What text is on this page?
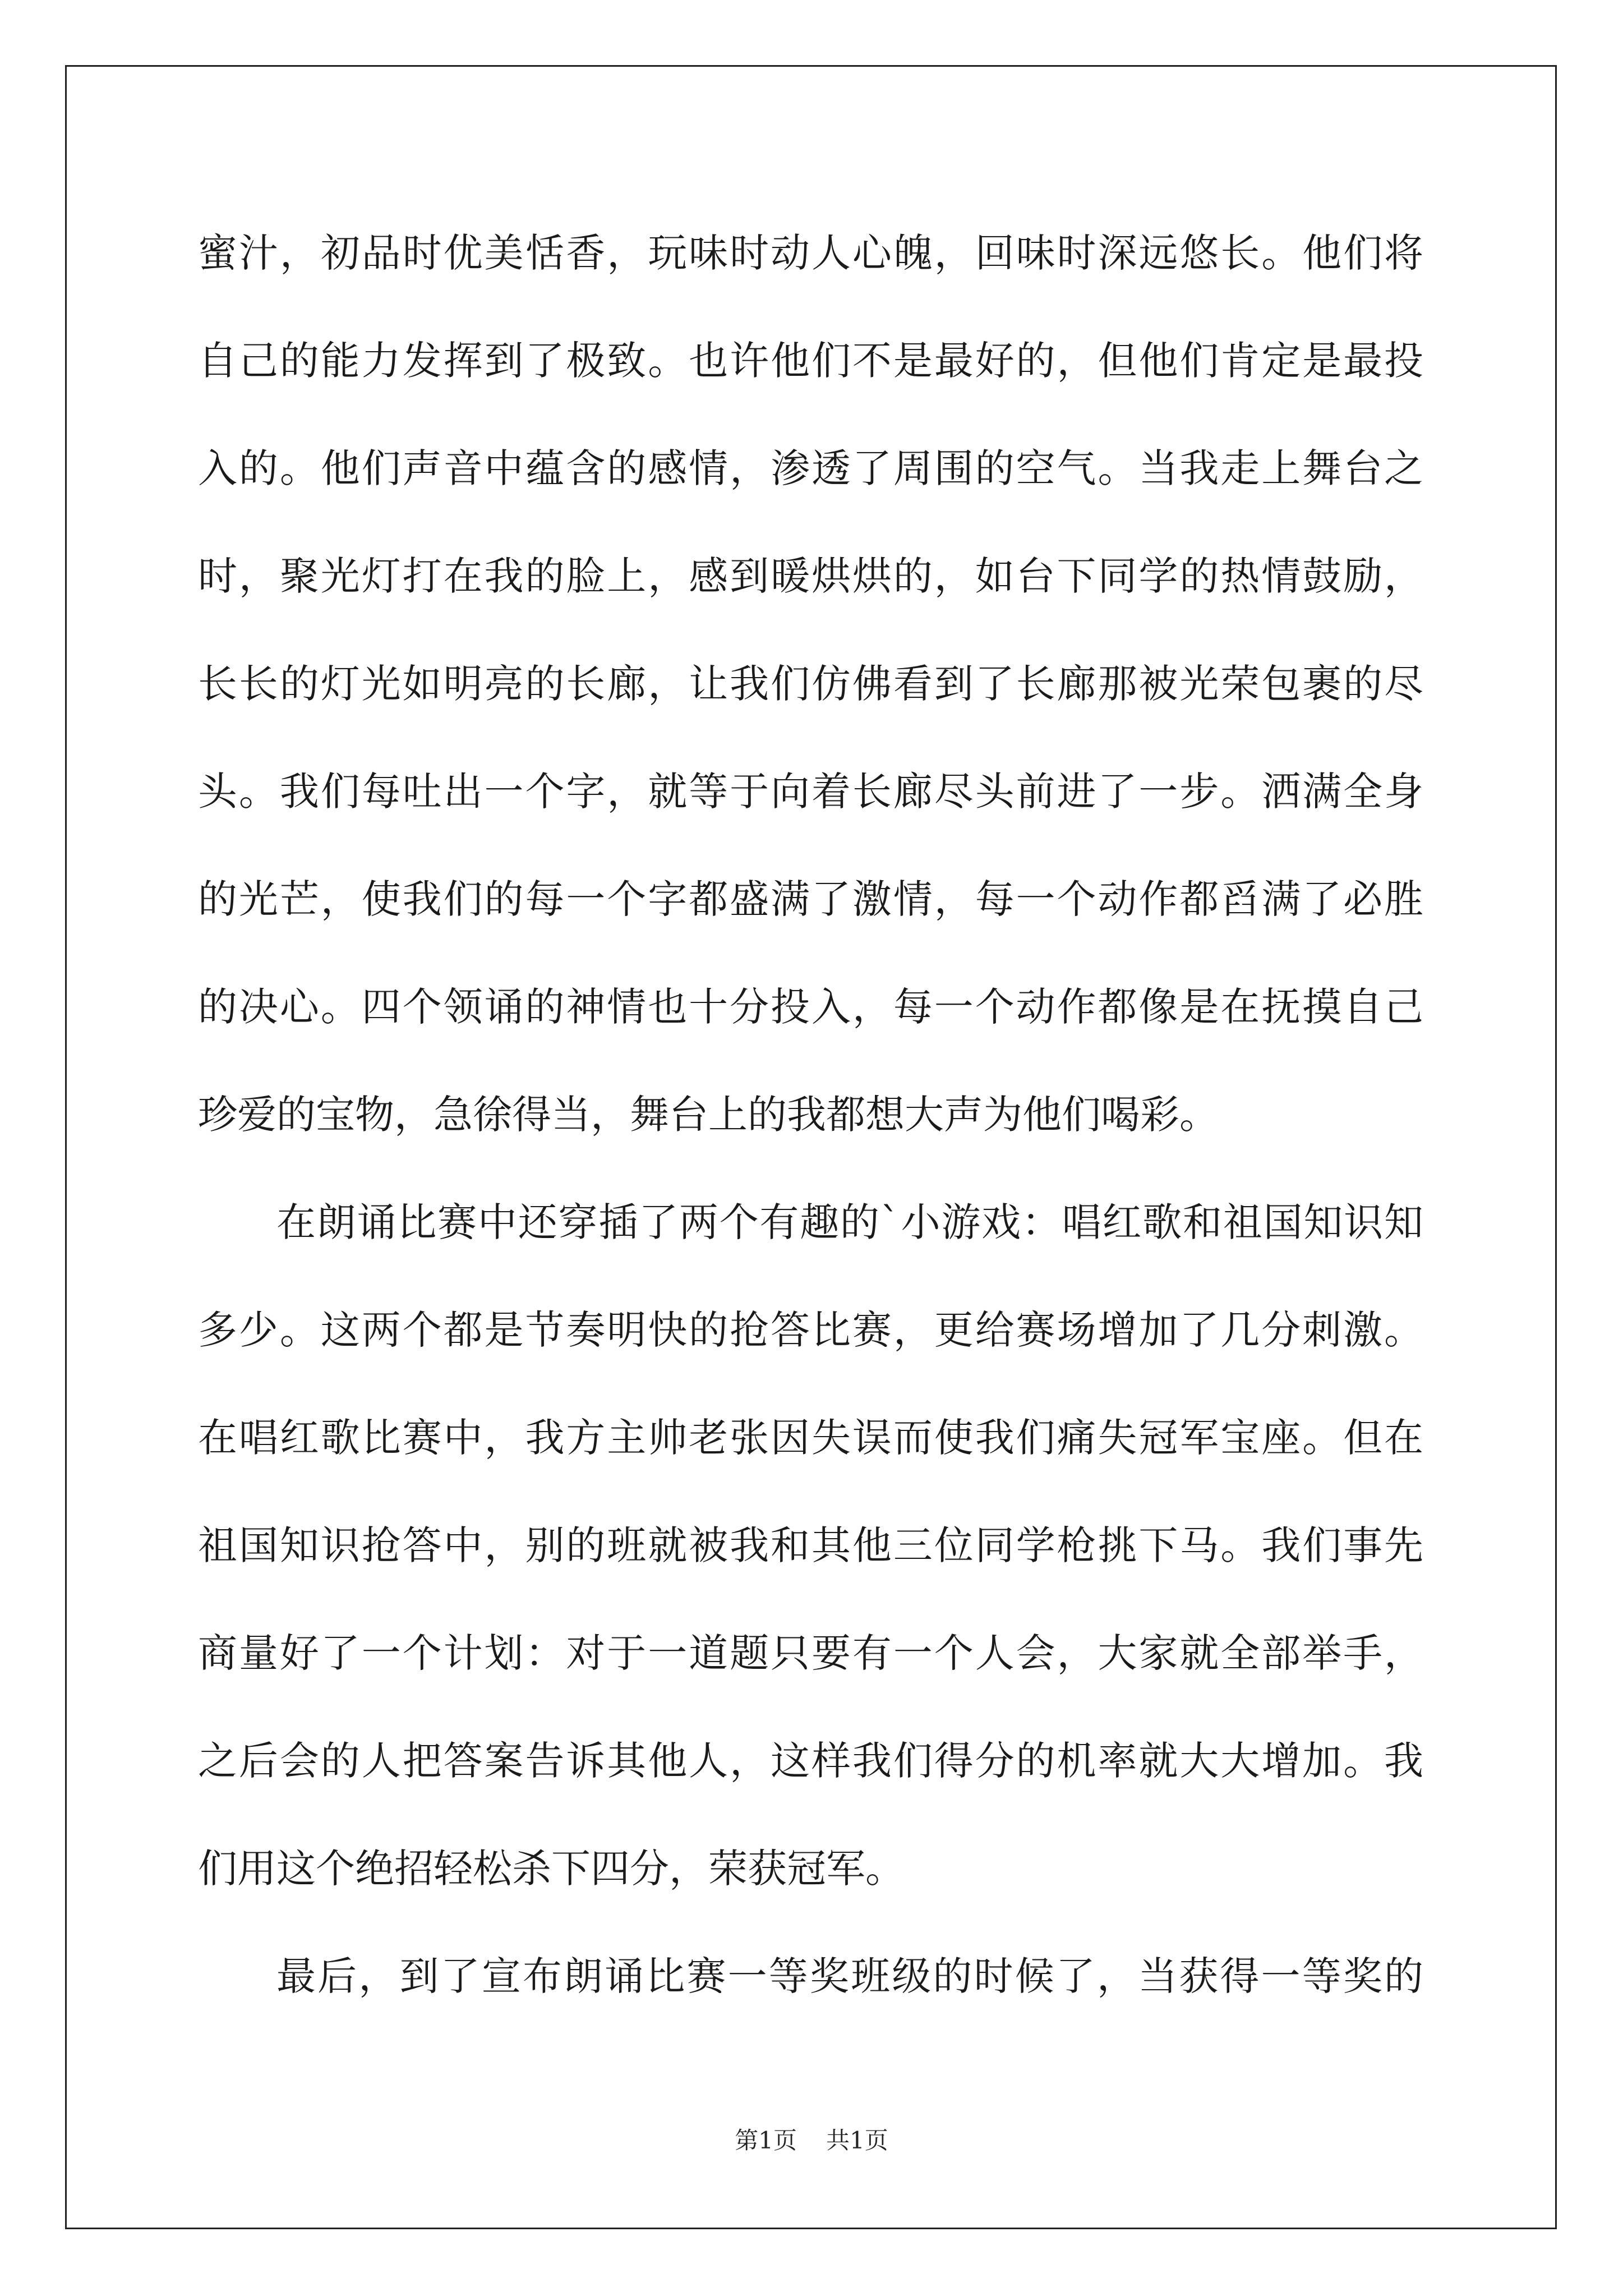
蜜汁，初品时优美恬香，玩味时动人心魄，回味时深远悠长。他们将
自己的能力发挥到了极致。也许他们不是最好的，但他们肯定是最投
入的。他们声音中蕴含的感情，渗透了周围的空气。当我走上舞台之
时，聚光灯打在我的脸上，感到暖烘烘的，如台下同学的热情鼓励，
长长的灯光如明亮的长廊，让我们仿佛看到了长廊那被光荣包裹的尽
头。我们每吐出一个字，就等于向着长廊尽头前进了一步。洒满全身
的光芒，使我们的每一个字都盛满了激情，每一个动作都舀满了必胜
的决心。四个领诵的神情也十分投入，每一个动作都像是在抚摸自己
珍爱的宝物，急徐得当，舞台上的我都想大声为他们喝彩。
在朗诵比赛中还穿插了两个有趣的`小游戏：唱红歌和祖国知识知
多少。这两个都是节奏明快的抢答比赛，更给赛场增加了几分刺激。
在唱红歌比赛中，我方主帅老张因失误而使我们痛失冠军宝座。但在
祖国知识抢答中，别的班就被我和其他三位同学枪挑下马。我们事先
商量好了一个计划：对于一道题只要有一个人会，大家就全部举手，
之后会的人把答案告诉其他人，这样我们得分的机率就大大增加。我
们用这个绝招轻松杀下四分，荣获冠军。
最后，到了宣布朗诵比赛一等奖班级的时候了，当获得一等奖的
第1页 共1页
